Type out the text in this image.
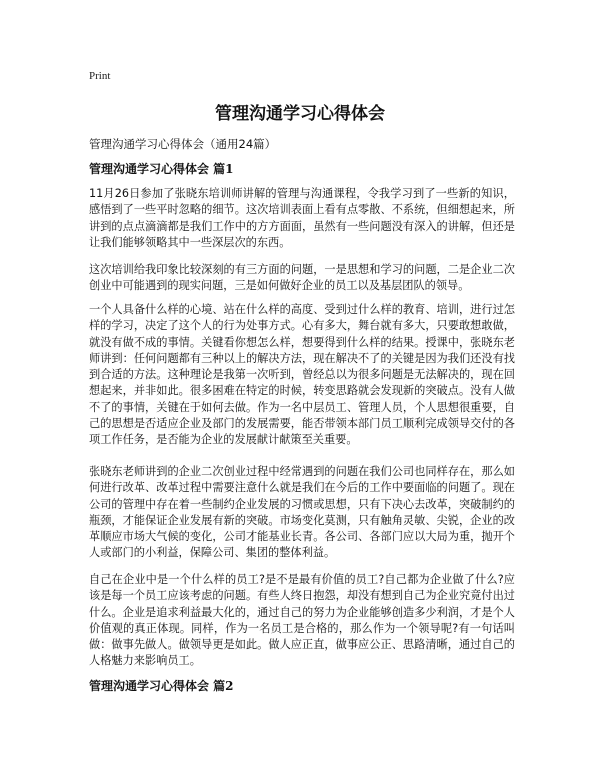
Print
管理沟通学习心得体会

管理沟通学习心得体会（通用24篇）

管理沟通学习心得体会 篇1

11月26日参加了张晓东培训师讲解的管理与沟通课程，令我学习到了一些新的知识，感悟到了一些平时忽略的细节。这次培训表面上看有点零散、不系统，但细想起来，所讲到的点点滴滴都是我们工作中的方方面面，虽然有一些问题没有深入的讲解，但还是让我们能够领略其中一些深层次的东西。

这次培训给我印象比较深刻的有三方面的问题，一是思想和学习的问题，二是企业二次创业中可能遇到的现实问题，三是如何做好企业的员工以及基层团队的领导。

一个人具备什么样的心境、站在什么样的高度、受到过什么样的教育、培训，进行过怎样的学习，决定了这个人的行为处事方式。心有多大，舞台就有多大，只要敢想敢做，就没有做不成的事情。关键看你想怎么样，想要得到什么样的结果。授课中，张晓东老师讲到：任何问题都有三种以上的解决方法，现在解决不了的关键是因为我们还没有找到合适的方法。这种理论是我第一次听到，曾经总以为很多问题是无法解决的，现在回想起来，并非如此。很多困难在特定的时候，转变思路就会发现新的突破点。没有人做不了的事情，关键在于如何去做。作为一名中层员工、管理人员，个人思想很重要，自己的思想是否适应企业及部门的发展需要，能否带领本部门员工顺利完成领导交付的各项工作任务，是否能为企业的发展献计献策至关重要。

张晓东老师讲到的企业二次创业过程中经常遇到的问题在我们公司也同样存在，那么如何进行改革、改革过程中需要注意什么就是我们在今后的工作中要面临的问题了。现在公司的管理中存在着一些制约企业发展的习惯或思想，只有下决心去改革，突破制约的瓶颈，才能保证企业发展有新的突破。市场变化莫测，只有触角灵敏、尖锐，企业的改革顺应市场大气候的变化，公司才能基业长青。各公司、各部门应以大局为重，抛开个人或部门的小利益，保障公司、集团的整体利益。

自己在企业中是一个什么样的员工?是不是最有价值的员工?自己都为企业做了什么?应该是每一个员工应该考虑的问题。有些人终日抱怨，却没有想到自己为企业究竟付出过什么。企业是追求利益最大化的，通过自己的努力为企业能够创造多少利润，才是个人价值观的真正体现。同样，作为一名员工是合格的，那么作为一个领导呢?有一句话叫做：做事先做人。做领导更是如此。做人应正直，做事应公正、思路清晰，通过自己的人格魅力来影响员工。

管理沟通学习心得体会 篇2
